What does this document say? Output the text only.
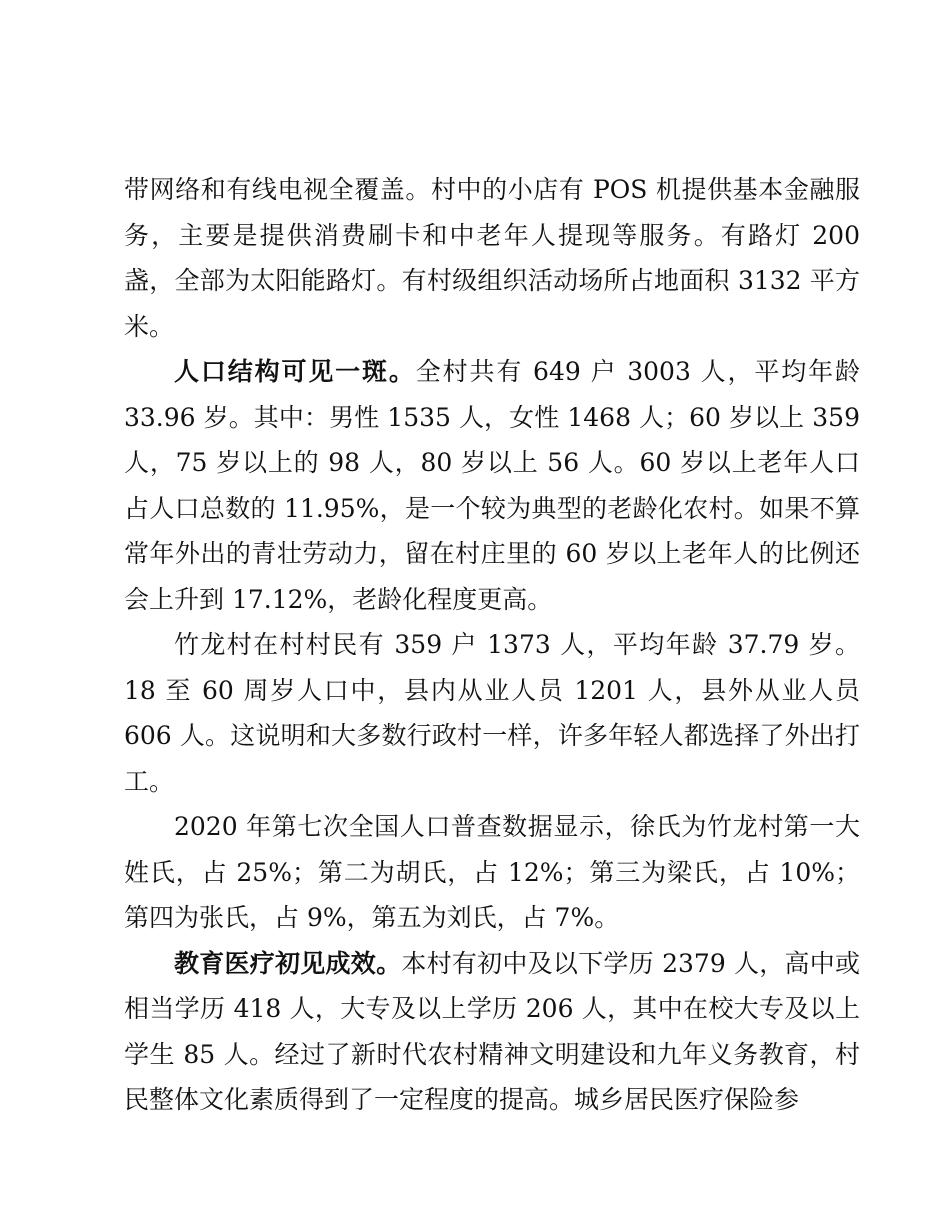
带网络和有线电视全覆盖。村中的小店有 POS 机提供基本金融服务，主要是提供消费刷卡和中老年人提现等服务。有路灯 200 盏，全部为太阳能路灯。有村级组织活动场所占地面积 3132 平方米。

人口结构可见一斑。全村共有 649 户 3003 人，平均年龄 33.96 岁。其中：男性 1535 人，女性 1468 人；60 岁以上 359 人，75 岁以上的 98 人，80 岁以上 56 人。60 岁以上老年人口占人口总数的 11.95%，是一个较为典型的老龄化农村。如果不算常年外出的青壮劳动力，留在村庄里的 60 岁以上老年人的比例还会上升到 17.12%，老龄化程度更高。

竹龙村在村村民有 359 户 1373 人，平均年龄 37.79 岁。18 至 60 周岁人口中，县内从业人员 1201 人，县外从业人员 606 人。这说明和大多数行政村一样，许多年轻人都选择了外出打工。

2020 年第七次全国人口普查数据显示，徐氏为竹龙村第一大姓氏，占 25%；第二为胡氏，占 12%；第三为梁氏，占 10%；第四为张氏，占 9%，第五为刘氏，占 7%。

教育医疗初见成效。本村有初中及以下学历 2379 人，高中或相当学历 418 人，大专及以上学历 206 人，其中在校大专及以上学生 85 人。经过了新时代农村精神文明建设和九年义务教育，村民整体文化素质得到了一定程度的提高。城乡居民医疗保险参
